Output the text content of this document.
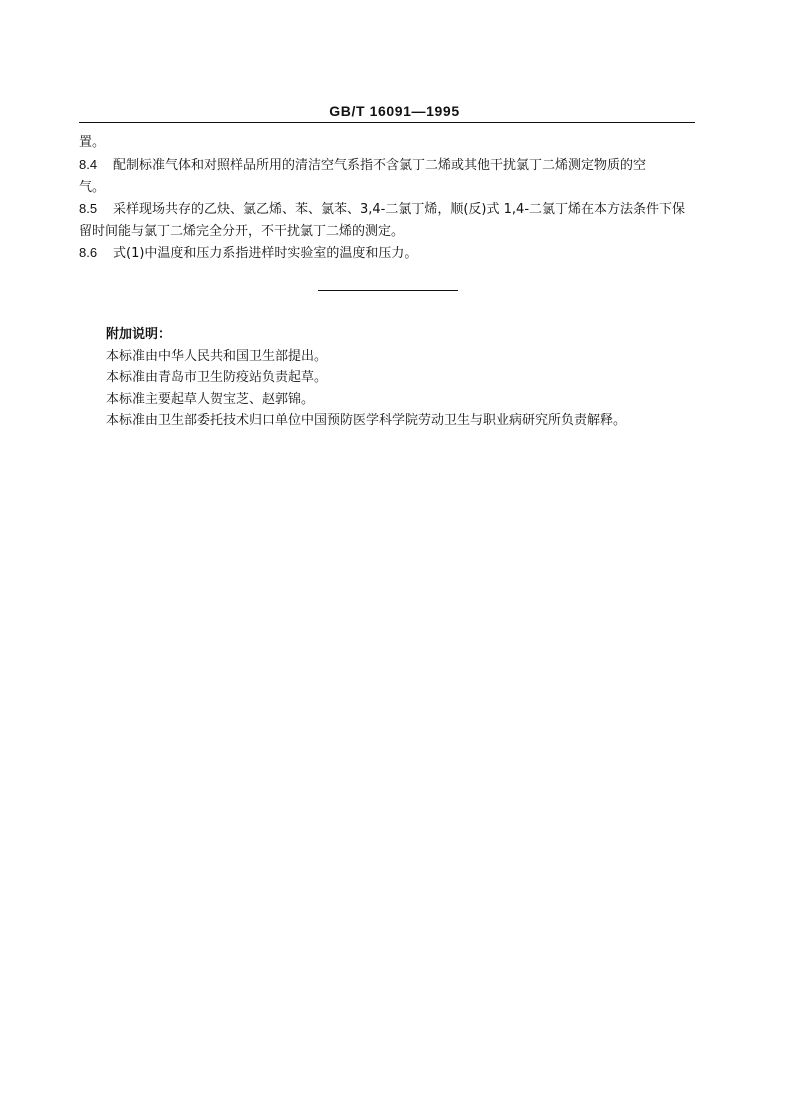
GB/T 16091—1995
置。
8.4 配制标准气体和对照样品所用的清洁空气系指不含氯丁二烯或其他干扰氯丁二烯测定物质的空
气。
8.5 采样现场共存的乙炔、氯乙烯、苯、氯苯、3,4-二氯丁烯，顺(反)式 1,4-二氯丁烯在本方法条件下保
留时间能与氯丁二烯完全分开，不干扰氯丁二烯的测定。
8.6 式(1)中温度和压力系指进样时实验室的温度和压力。
附加说明：
本标准由中华人民共和国卫生部提出。
本标准由青岛市卫生防疫站负责起草。
本标准主要起草人贺宝芝、赵郭锦。
本标准由卫生部委托技术归口单位中国预防医学科学院劳动卫生与职业病研究所负责解释。
